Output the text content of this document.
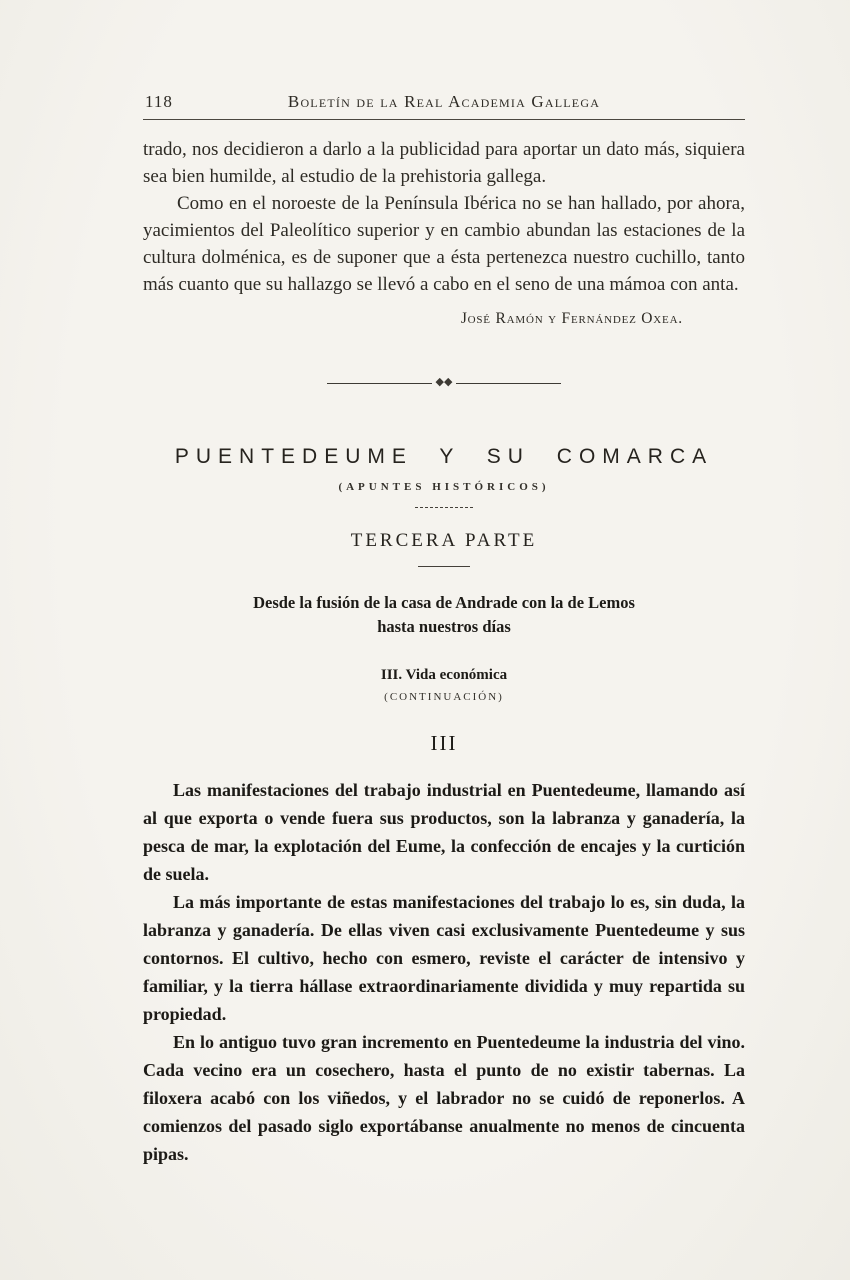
118	Boletín de la Real Academia Gallega

trado, nos decidieron a darlo a la publicidad para aportar un dato más, siquiera sea bien humilde, al estudio de la prehistoria gallega.

Como en el noroeste de la Península Ibérica no se han hallado, por ahora, yacimientos del Paleolítico superior y en cambio abundan las estaciones de la cultura dolménica, es de suponer que a ésta pertenezca nuestro cuchillo, tanto más cuanto que su hallazgo se llevó a cabo en el seno de una mámoa con anta.

José Ramón y Fernández Oxea.
◆◆
PUENTEDEUME Y SU COMARCA
(APUNTES HISTÓRICOS)
TERCERA PARTE
Desde la fusión de la casa de Andrade con la de Lemos
hasta nuestros días
III. Vida económica
(CONTINUACIÓN)
III

Las manifestaciones del trabajo industrial en Puentedeume, llamando así al que exporta o vende fuera sus productos, son la labranza y ganadería, la pesca de mar, la explotación del Eume, la confección de encajes y la curtición de suela.

La más importante de estas manifestaciones del trabajo lo es, sin duda, la labranza y ganadería. De ellas viven casi exclusivamente Puentedeume y sus contornos. El cultivo, hecho con esmero, reviste el carácter de intensivo y familiar, y la tierra hállase extraordinariamente dividida y muy repartida su propiedad.

En lo antiguo tuvo gran incremento en Puentedeume la industria del vino. Cada vecino era un cosechero, hasta el punto de no existir tabernas. La filoxera acabó con los viñedos, y el labrador no se cuidó de reponerlos. A comienzos del pasado siglo exportábanse anualmente no menos de cincuenta pipas.
